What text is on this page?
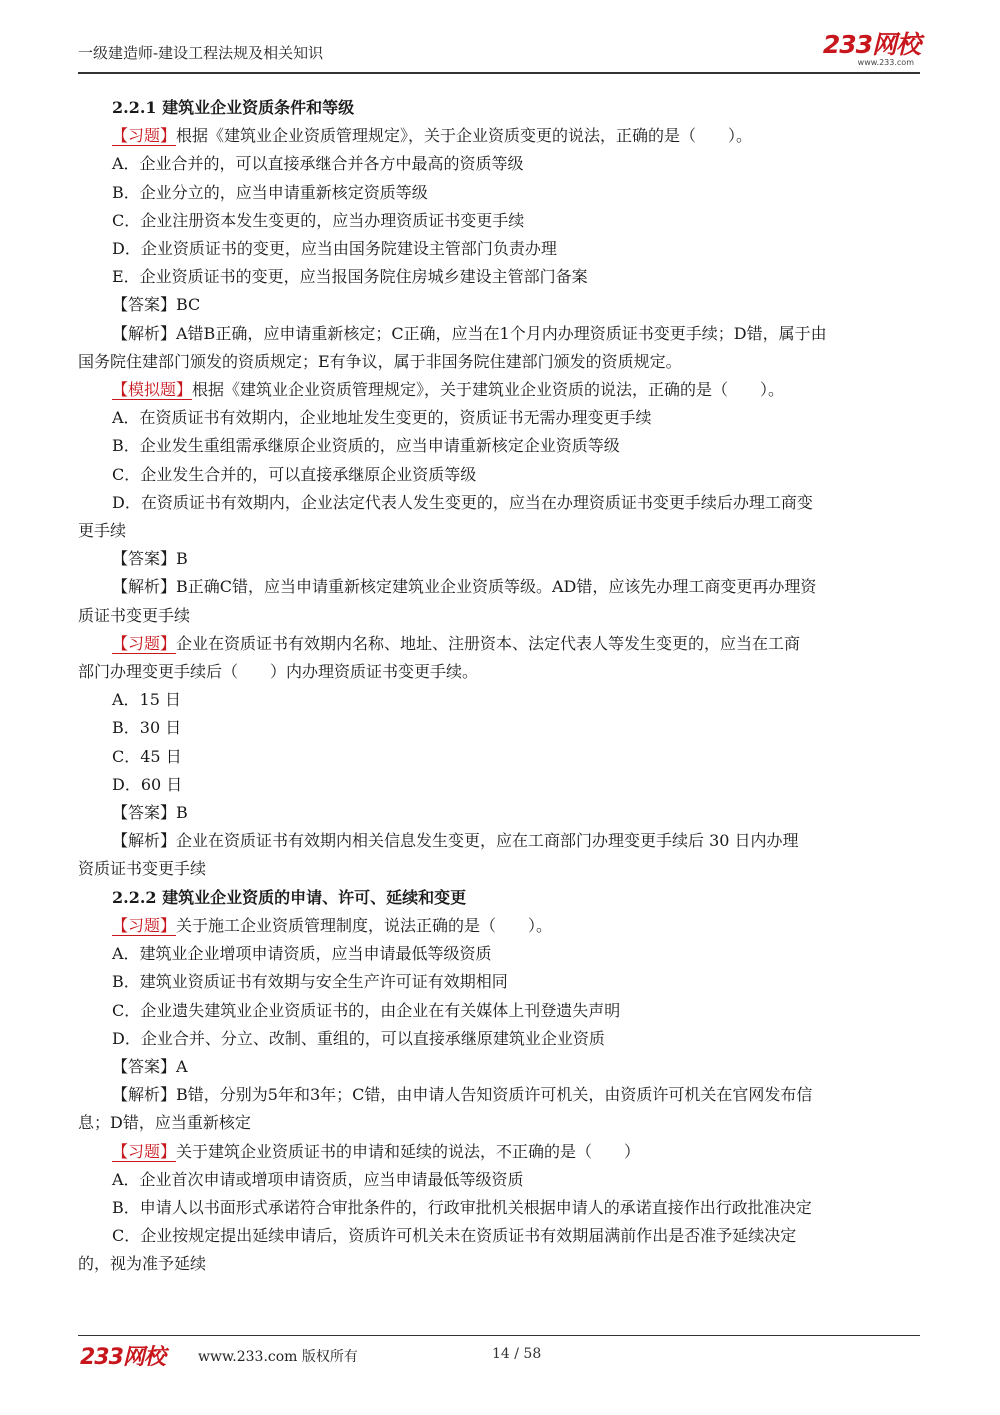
一级建造师-建设工程法规及相关知识	233网校
www.233.com
2.2.1 建筑业企业资质条件和等级
【习题】根据《建筑业企业资质管理规定》，关于企业资质变更的说法，正确的是（　　）。
A．企业合并的，可以直接承继合并各方中最高的资质等级
B．企业分立的，应当申请重新核定资质等级
C．企业注册资本发生变更的，应当办理资质证书变更手续
D．企业资质证书的变更，应当由国务院建设主管部门负责办理
E．企业资质证书的变更，应当报国务院住房城乡建设主管部门备案
【答案】BC
【解析】A错B正确，应申请重新核定；C正确，应当在1个月内办理资质证书变更手续；D错，属于由
国务院住建部门颁发的资质规定；E有争议，属于非国务院住建部门颁发的资质规定。
【模拟题】根据《建筑业企业资质管理规定》，关于建筑业企业资质的说法，正确的是（　　）。
A．在资质证书有效期内，企业地址发生变更的，资质证书无需办理变更手续
B．企业发生重组需承继原企业资质的，应当申请重新核定企业资质等级
C．企业发生合并的，可以直接承继原企业资质等级
D．在资质证书有效期内，企业法定代表人发生变更的，应当在办理资质证书变更手续后办理工商变
更手续
【答案】B
【解析】B正确C错，应当申请重新核定建筑业企业资质等级。AD错，应该先办理工商变更再办理资
质证书变更手续
【习题】企业在资质证书有效期内名称、地址、注册资本、法定代表人等发生变更的，应当在工商
部门办理变更手续后（　　）内办理资质证书变更手续。
A．15 日
B．30 日
C．45 日
D．60 日
【答案】B
【解析】企业在资质证书有效期内相关信息发生变更，应在工商部门办理变更手续后 30 日内办理
资质证书变更手续
2.2.2 建筑业企业资质的申请、许可、延续和变更
【习题】关于施工企业资质管理制度，说法正确的是（　　）。
A．建筑业企业增项申请资质，应当申请最低等级资质
B．建筑业资质证书有效期与安全生产许可证有效期相同
C．企业遗失建筑业企业资质证书的，由企业在有关媒体上刊登遗失声明
D．企业合并、分立、改制、重组的，可以直接承继原建筑业企业资质
【答案】A
【解析】B错，分别为5年和3年；C错，由申请人告知资质许可机关，由资质许可机关在官网发布信
息；D错，应当重新核定
【习题】关于建筑企业资质证书的申请和延续的说法，不正确的是（　　）
A．企业首次申请或增项申请资质，应当申请最低等级资质
B．申请人以书面形式承诺符合审批条件的，行政审批机关根据申请人的承诺直接作出行政批准决定
C．企业按规定提出延续申请后，资质许可机关未在资质证书有效期届满前作出是否准予延续决定
的，视为准予延续
233网校 www.233.com 版权所有	14 / 58
